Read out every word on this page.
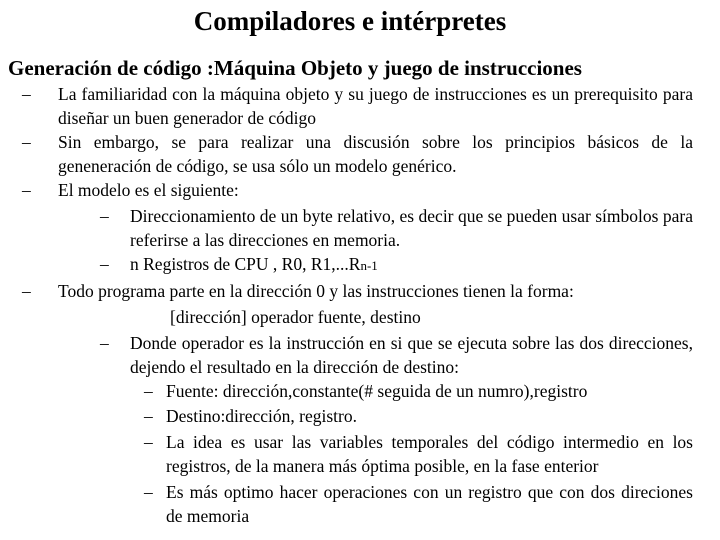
Compiladores e intérpretes
Generación de código :Máquina Objeto y juego de instrucciones
– La familiaridad con la máquina objeto y su juego de instrucciones es un prerequisito para diseñar un buen generador de código
– Sin embargo, se para realizar una discusión sobre los principios básicos de la geneneración de código, se usa sólo un modelo genérico.
– El modelo es el siguiente:
– Direccionamiento de un byte relativo, es decir que se pueden usar símbolos para referirse a las direcciones en memoria.
– n Registros de CPU , R0, R1,...Rn-1
– Todo programa parte en la dirección 0 y las instrucciones tienen la forma:
[dirección] operador fuente, destino
– Donde operador es la instrucción en si que se ejecuta sobre las dos direcciones, dejendo el resultado en la dirección de destino:
– Fuente: dirección,constante(# seguida de un numro),registro
– Destino:dirección, registro.
– La idea es usar las variables temporales del código intermedio en los registros, de la manera más óptima posible, en la fase enterior
– Es más optimo hacer operaciones con un registro que con dos direciones de memoria
